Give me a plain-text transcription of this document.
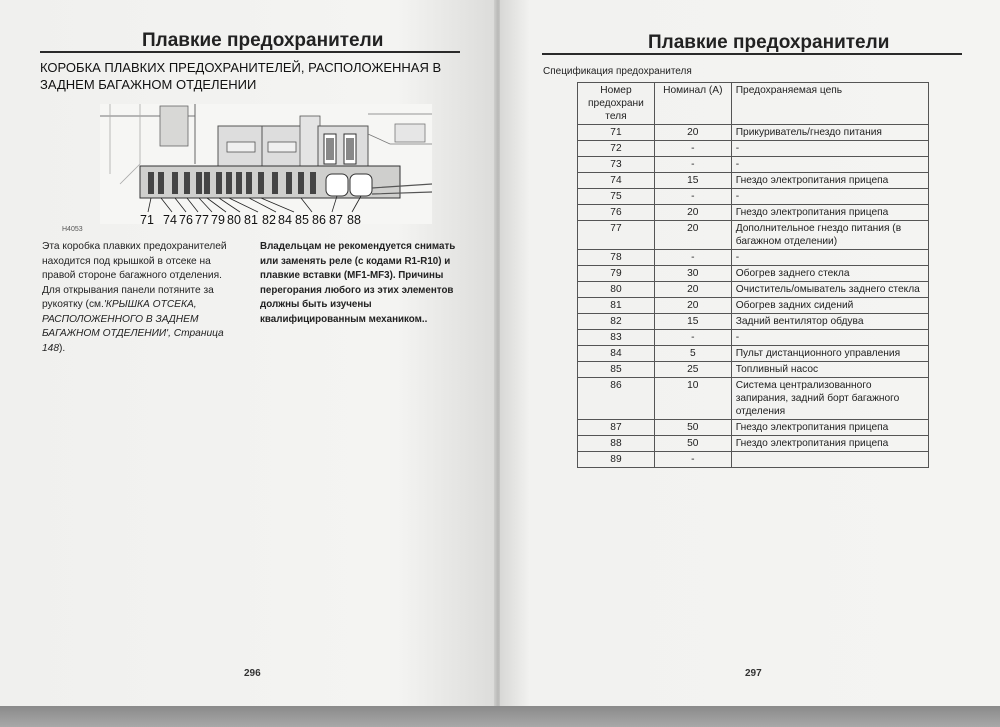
Плавкие предохранители
КОРОБКА ПЛАВКИХ ПРЕДОХРАНИТЕЛЕЙ, РАСПОЛОЖЕННАЯ В ЗАДНЕМ БАГАЖНОМ ОТДЕЛЕНИИ
71 74 76 77 79 80 81 82 84 85 86 87 88
H4053
Эта коробка плавких предохранителей находится под крышкой в отсеке на правой стороне багажного отделения. Для открывания панели потяните за рукоятку (см.'КРЫШКА ОТСЕКА, РАСПОЛОЖЕННОГО В ЗАДНЕМ БАГАЖНОМ ОТДЕЛЕНИИ', Страница 148).
Владельцам не рекомендуется снимать или заменять реле (с кодами R1-R10) и плавкие вставки (MF1-MF3). Причины перегорания любого из этих элементов должны быть изучены квалифицированным механиком..
296
Плавкие предохранители
Спецификация предохранителя
Номер предохрани теля	Номинал (А)	Предохраняемая цепь
71	20	Прикуриватель/гнездо питания
72	-	-
73	-	-
74	15	Гнездо электропитания прицепа
75	-	-
76	20	Гнездо электропитания прицепа
77	20	Дополнительное гнездо питания (в багажном отделении)
78	-	-
79	30	Обогрев заднего стекла
80	20	Очиститель/омыватель заднего стекла
81	20	Обогрев задних сидений
82	15	Задний вентилятор обдува
83	-	-
84	5	Пульт дистанционного управления
85	25	Топливный насос
86	10	Система централизованного запирания, задний борт багажного отделения
87	50	Гнездо электропитания прицепа
88	50	Гнездо электропитания прицепа
89	-	
297
